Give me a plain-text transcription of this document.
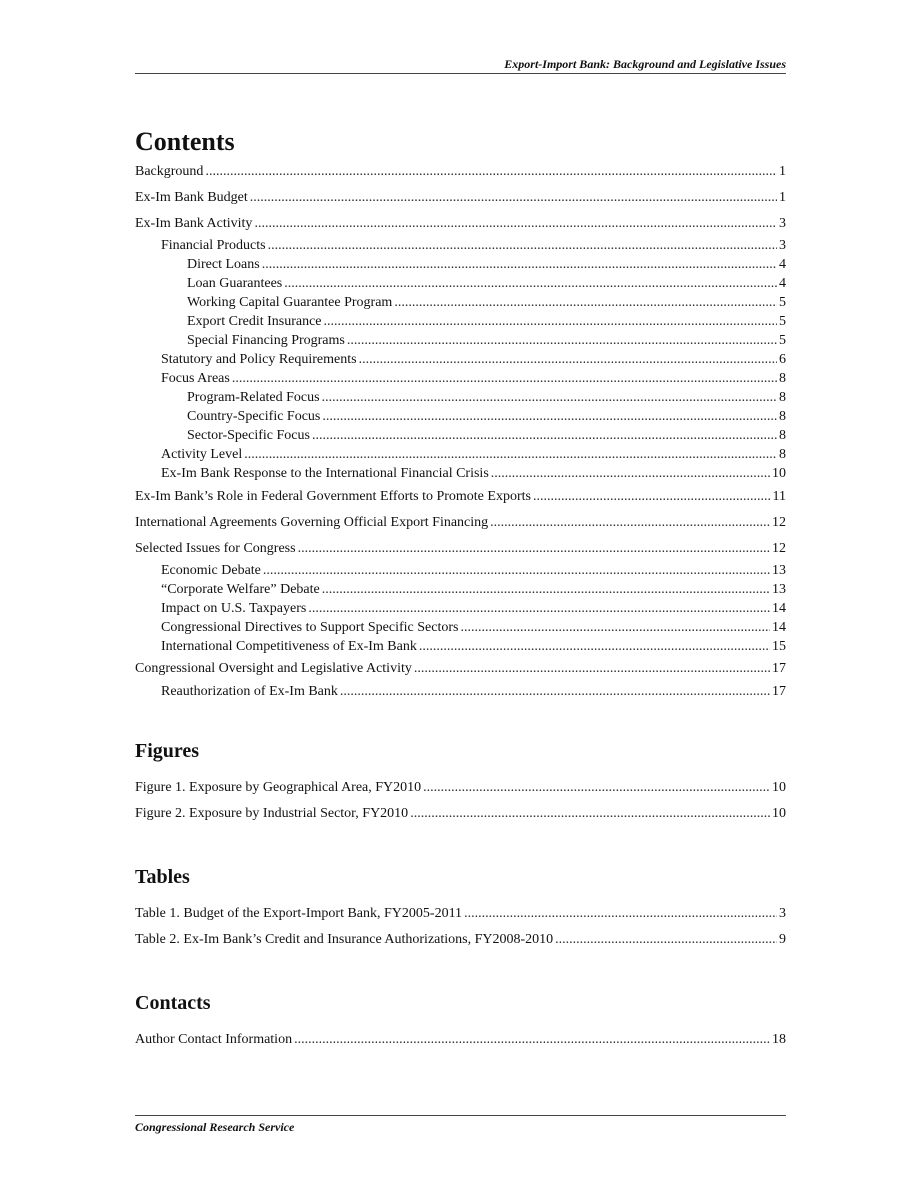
Export-Import Bank: Background and Legislative Issues
Contents
Background .....	1
Ex-Im Bank Budget .....	1
Ex-Im Bank Activity .....	3
Financial Products .....	3
Direct Loans .....	4
Loan Guarantees .....	4
Working Capital Guarantee Program .....	5
Export Credit Insurance .....	5
Special Financing Programs .....	5
Statutory and Policy Requirements .....	6
Focus Areas .....	8
Program-Related Focus .....	8
Country-Specific Focus .....	8
Sector-Specific Focus .....	8
Activity Level .....	8
Ex-Im Bank Response to the International Financial Crisis .....	10
Ex-Im Bank’s Role in Federal Government Efforts to Promote Exports .....	11
International Agreements Governing Official Export Financing .....	12
Selected Issues for Congress .....	12
Economic Debate .....	13
“Corporate Welfare” Debate .....	13
Impact on U.S. Taxpayers .....	14
Congressional Directives to Support Specific Sectors .....	14
International Competitiveness of Ex-Im Bank .....	15
Congressional Oversight and Legislative Activity .....	17
Reauthorization of Ex-Im Bank .....	17
Figures
Figure 1. Exposure by Geographical Area, FY2010 .....	10
Figure 2. Exposure by Industrial Sector, FY2010 .....	10
Tables
Table 1. Budget of the Export-Import Bank, FY2005-2011 .....	3
Table 2. Ex-Im Bank’s Credit and Insurance Authorizations, FY2008-2010 .....	9
Contacts
Author Contact Information .....	18
Congressional Research Service
